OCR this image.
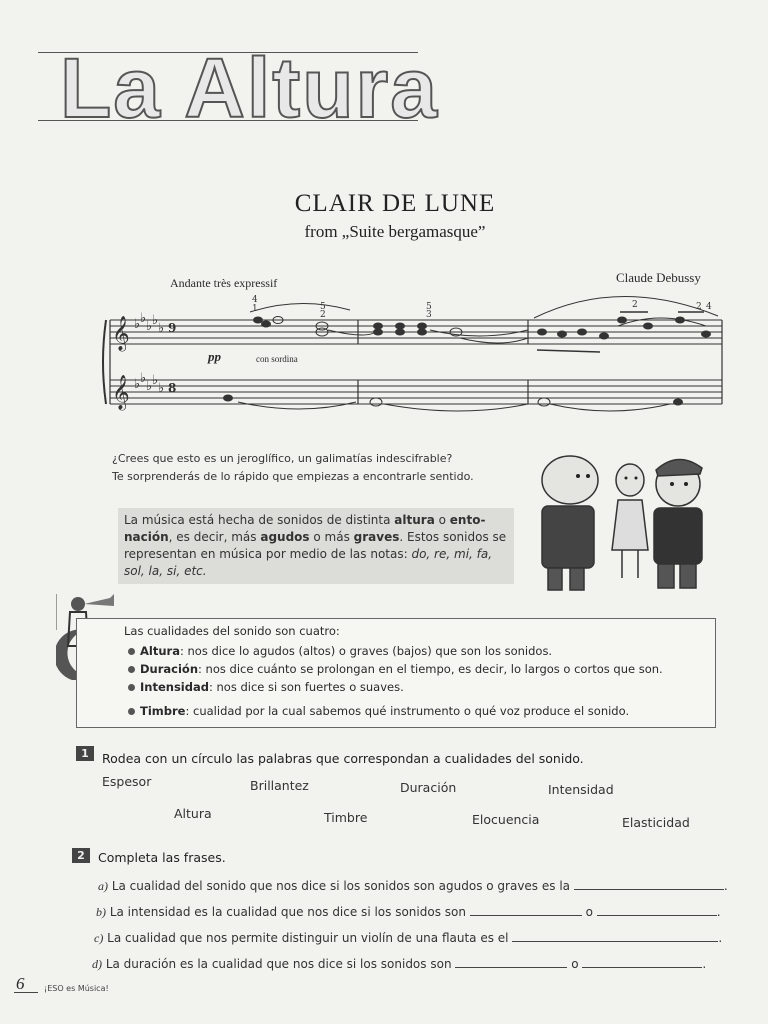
La Altura
CLAIR DE LUNE
from „Suite bergamasque”
Andante très expressif	Claude Debussy
𝄞
𝄞
♭ ♭
♭ ♭
♭
♭ ♭
♭ ♭
♭
9
8
4
1	5
2
5
3
2	2 4
pp	con sordina
¿Crees que esto es un jeroglífico, un galimatías indescifrable?
Te sorprenderás de lo rápido que empiezas a encontrarle sentido.
La música está hecha de sonidos de distinta altura o ento-nación, es decir, más agudos o más graves. Estos sonidos se representan en música por medio de las notas: do, re, mi, fa, sol, la, si, etc.
Las cualidades del sonido son cuatro:
Altura: nos dice lo agudos (altos) o graves (bajos) que son los sonidos.
Duración: nos dice cuánto se prolongan en el tiempo, es decir, lo largos o cortos que son.
Intensidad: nos dice si son fuertes o suaves.
Timbre: cualidad por la cual sabemos qué instrumento o qué voz produce el sonido.
1	Rodea con un círculo las palabras que correspondan a cualidades del sonido.
Espesor	Brillantez	Duración	Intensidad
Altura	Timbre	Elocuencia	Elasticidad
2	Completa las frases.
a) La cualidad del sonido que nos dice si los sonidos son agudos o graves es la	.
b) La intensidad es la cualidad que nos dice si los sonidos son	o	.
c) La cualidad que nos permite distinguir un violín de una flauta es el	.
d) La duración es la cualidad que nos dice si los sonidos son	o	.
6 ¡ESO es Música!
